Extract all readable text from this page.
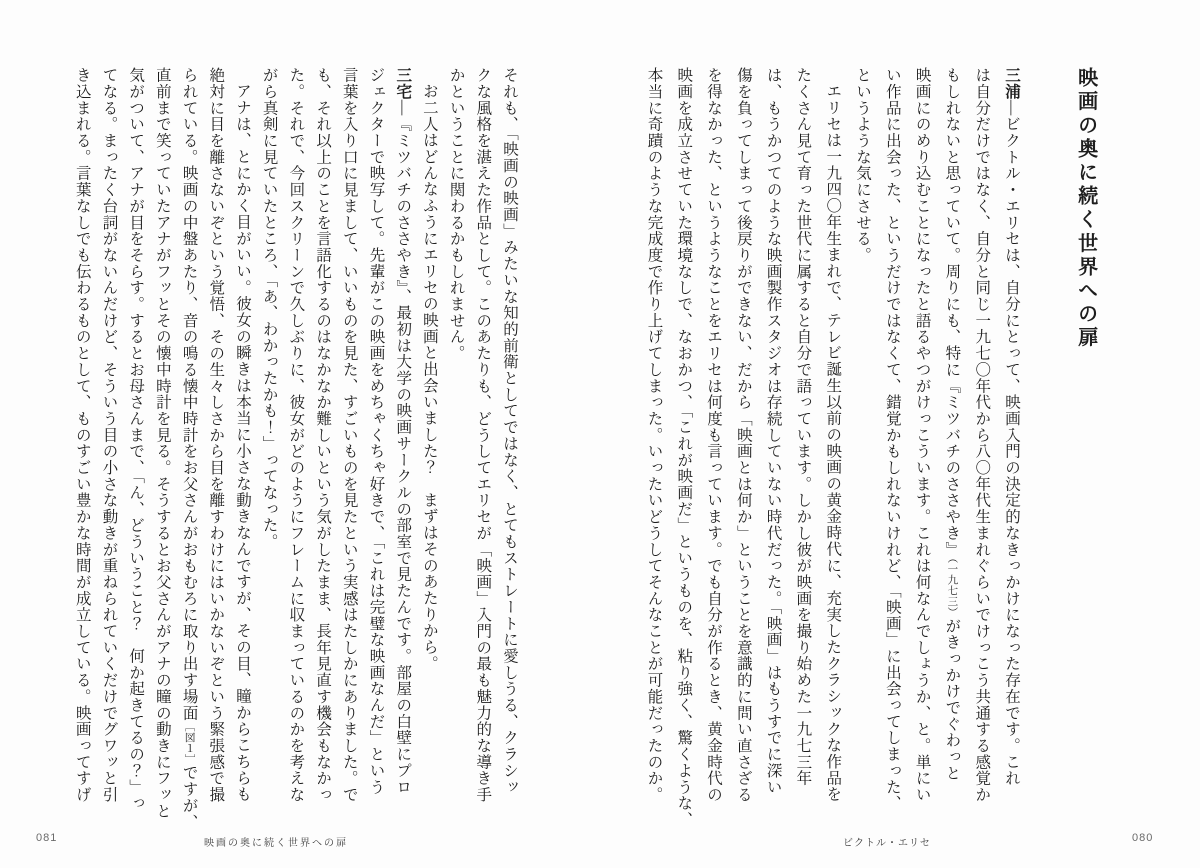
映画の奥に続く世界への扉
三浦―ビクトル・エリセは、自分にとって、映画入門の決定的なきっかけになった存在です。これ
は自分だけではなく、自分と同じ一九七〇年代から八〇年代生まれぐらいでけっこう共通する感覚か
もしれないと思っていて。周りにも、特に『ミツバチのささやき』（一九七三）がきっかけでぐわっと
映画にのめり込むことになったと語るやつがけっこういます。これは何なんでしょうか、と。単にい
い作品に出会った、というだけではなくて、錯覚かもしれないけれど、「映画」に出会ってしまった、
というような気にさせる。
エリセは一九四〇年生まれで、テレビ誕生以前の映画の黄金時代に、充実したクラシックな作品を
たくさん見て育った世代に属すると自分で語っています。しかし彼が映画を撮り始めた一九七三年
は、もうかつてのような映画製作スタジオは存続していない時代だった。「映画」はもうすでに深い
傷を負ってしまって後戻りができない、だから「映画とは何か」ということを意識的に問い直さざる
を得なかった、というようなことをエリセは何度も言っています。でも自分が作るとき、黄金時代の
映画を成立させていた環境なしで、なおかつ、「これが映画だ」というものを、粘り強く、驚くような、
本当に奇蹟のような完成度で作り上げてしまった。いったいどうしてそんなことが可能だったのか。
それも、「映画の映画」みたいな知的前衛としてではなく、とてもストレートに愛しうる、クラシッ
クな風格を湛えた作品として。このあたりも、どうしてエリセが「映画」入門の最も魅力的な導き手
かということに関わるかもしれません。
お二人はどんなふうにエリセの映画と出会いました？　まずはそのあたりから。
三宅―『ミツバチのささやき』、最初は大学の映画サークルの部室で見たんです。部屋の白壁にプロ
ジェクターで映写して。先輩がこの映画をめちゃくちゃ好きで、「これは完璧な映画なんだ」という
言葉を入り口に見まして、いいものを見た、すごいものを見たという実感はたしかにありました。で
も、それ以上のことを言語化するのはなかなか難しいという気がしたまま、長年見直す機会もなかっ
た。それで、今回スクリーンで久しぶりに、彼女がどのようにフレームに収まっているのかを考えな
がら真剣に見ていたところ、「あ、わかったかも！」ってなった。
アナは、とにかく目がいい。彼女の瞬きは本当に小さな動きなんですが、その目、瞳からこちらも
絶対に目を離さないぞという覚悟、その生々しさから目を離すわけにはいかないぞという緊張感で撮
られている。映画の中盤あたり、音の鳴る懐中時計をお父さんがおもむろに取り出す場面［図１］ですが、
直前まで笑っていたアナがフッとその懐中時計を見る。そうするとお父さんがアナの瞳の動きにフッと
気がついて、アナが目をそらす。するとお母さんまで、「ん、どういうこと？　何か起きてるの？」っ
てなる。まったく台詞がないんだけど、そういう目の小さな動きが重ねられていくだけでグワッと引
き込まれる。言葉なしでも伝わるものとして、ものすごい豊かな時間が成立している。映画ってすげ
081	映画の奥に続く世界への扉	ビクトル・エリセ	080
